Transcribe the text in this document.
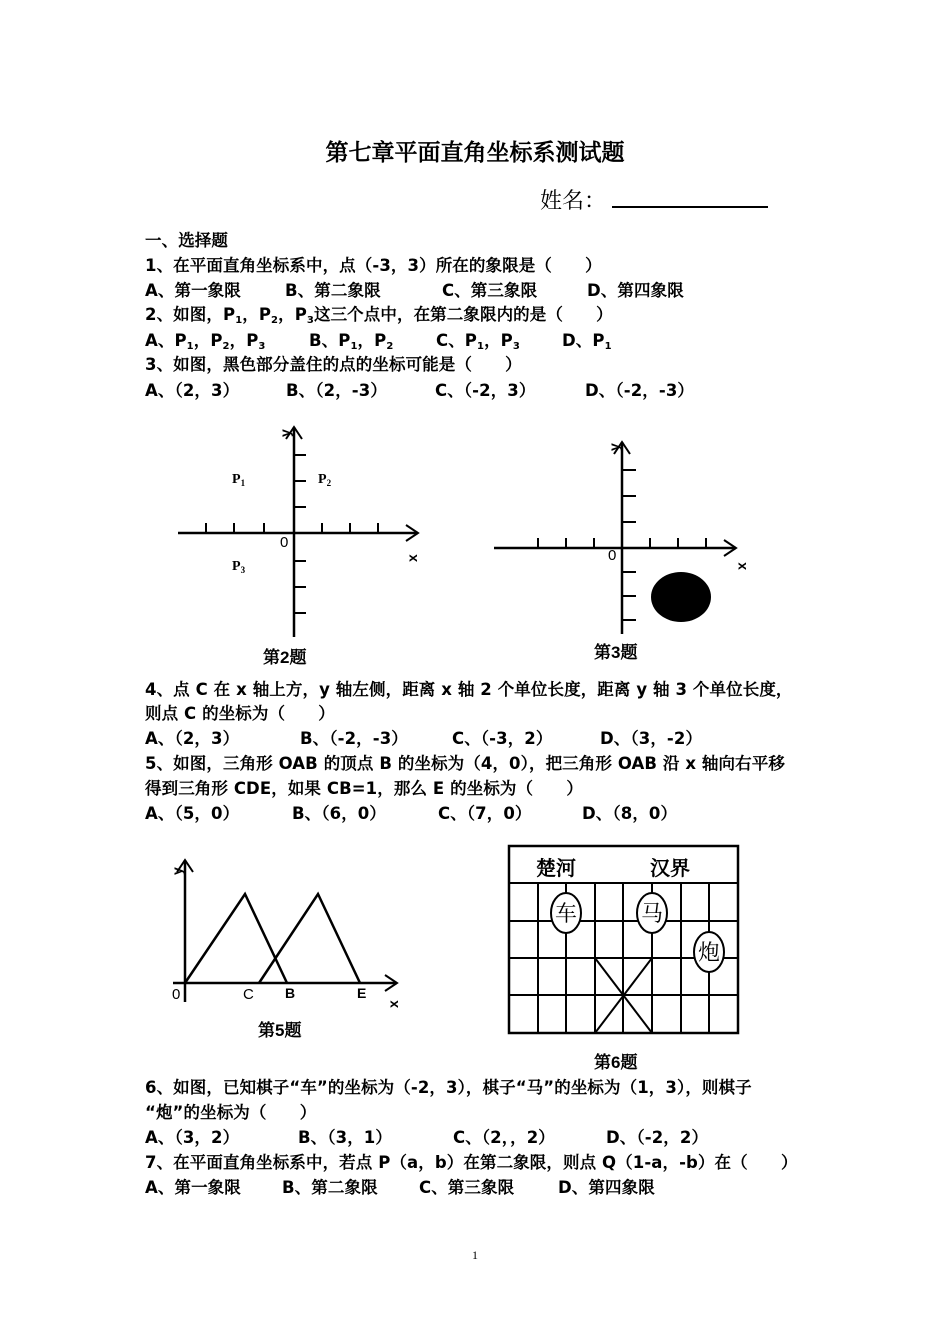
第七章平面直角坐标系测试题
姓名：
一、选择题
1、在平面直角坐标系中，点（-3，3）所在的象限是（　　）
A、第一象限	B、第二象限	C、第三象限	D、第四象限
2、如图，$P_1$，$P_2$，$P_3$这三个点中，在第二象限内的是（　　）
A、$P_1$，$P_2$，$P_3$	B、$P_1$，$P_2$	C、$P_1$，$P_3$	D、$P_1$
3、如图，黑色部分盖住的点的坐标可能是（　　）
A、（2，3）	B、（2，-3）	C、（-2，3）	D、（-2，-3）
y
x
0
$P_1$	$P_2$
$P_3$
第2题
y
x
0
第3题
4、点 C 在 x 轴上方，y 轴左侧，距离 x 轴 2 个单位长度，距离 y 轴 3 个单位长度，
则点 C 的坐标为（　　）
A、（2，3）	B、（-2，-3）	C、（-3，2）	D、（3，-2）
5、如图，三角形 OAB 的顶点 B 的坐标为（4，0），把三角形 OAB 沿 x 轴向右平移
得到三角形 CDE，如果 CB=1，那么 E 的坐标为（　　）
A、（5，0）	B、（6，0）	C、（7，0）	D、（8，0）
y
x
0	C B	E
第5题
楚河	汉界
车	马
炮
第6题
6、如图，已知棋子“车”的坐标为（-2，3），棋子“马”的坐标为（1，3），则棋子
“炮”的坐标为（　　）
A、（3，2）	B、（3，1）	C、（2，，2）	D、（-2，2）
7、在平面直角坐标系中，若点 P（a，b）在第二象限，则点 Q（1-a，-b）在（　　）
A、第一象限 B、第二象限	C、第三象限	D、第四象限
1
